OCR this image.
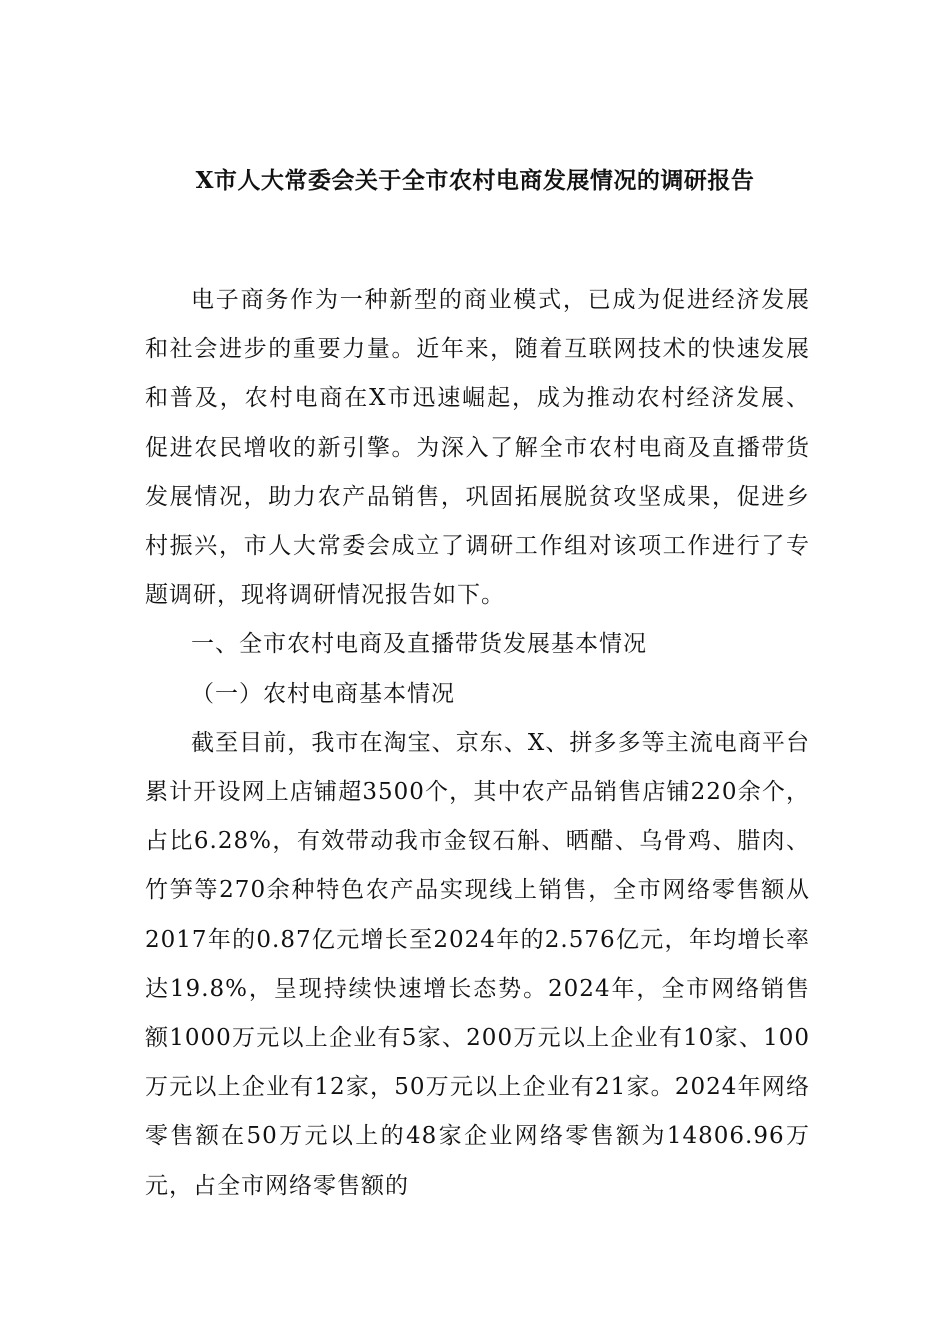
X市人大常委会关于全市农村电商发展情况的调研报告

电子商务作为一种新型的商业模式，已成为促进经济发展和社会进步的重要力量。近年来，随着互联网技术的快速发展和普及，农村电商在X市迅速崛起，成为推动农村经济发展、促进农民增收的新引擎。为深入了解全市农村电商及直播带货发展情况，助力农产品销售，巩固拓展脱贫攻坚成果，促进乡村振兴，市人大常委会成立了调研工作组对该项工作进行了专题调研，现将调研情况报告如下。

一、全市农村电商及直播带货发展基本情况

（一）农村电商基本情况

截至目前，我市在淘宝、京东、X、拼多多等主流电商平台累计开设网上店铺超3500个，其中农产品销售店铺220余个，占比6.28%，有效带动我市金钗石斛、晒醋、乌骨鸡、腊肉、竹笋等270余种特色农产品实现线上销售，全市网络零售额从2017年的0.87亿元增长至2024年的2.576亿元，年均增长率达19.8%，呈现持续快速增长态势。2024年，全市网络销售额1000万元以上企业有5家、200万元以上企业有10家、100万元以上企业有12家，50万元以上企业有21家。2024年网络零售额在50万元以上的48家企业网络零售额为14806.96万元，占全市网络零售额的
